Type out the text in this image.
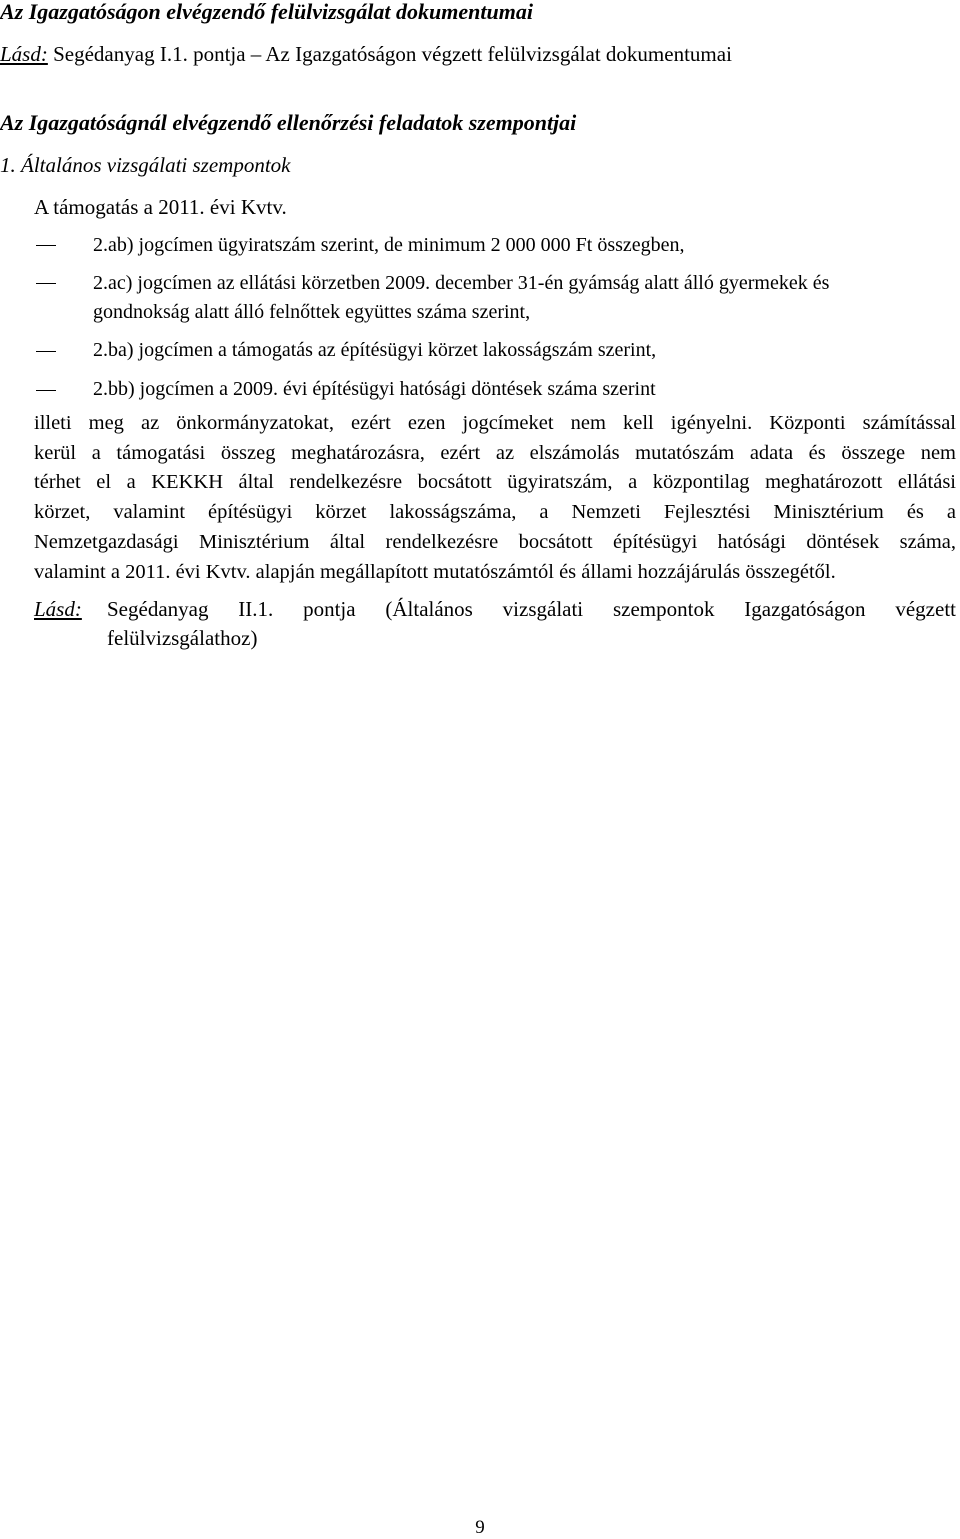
Az Igazgatóságon elvégzendő felülvizsgálat dokumentumai
Lásd: Segédanyag I.1. pontja – Az Igazgatóságon végzett felülvizsgálat dokumentumai
Az Igazgatóságnál elvégzendő ellenőrzési feladatok szempontjai
1. Általános vizsgálati szempontok
A támogatás a 2011. évi Kvtv.
2.ab) jogcímen ügyiratszám szerint, de minimum 2 000 000 Ft összegben,
2.ac) jogcímen az ellátási körzetben 2009. december 31-én gyámság alatt álló gyermekek és
gondnokság alatt álló felnőttek együttes száma szerint,
2.ba) jogcímen a támogatás az építésügyi körzet lakosságszám szerint,
2.bb) jogcímen a 2009. évi építésügyi hatósági döntések száma szerint
illeti meg az önkormányzatokat, ezért ezen jogcímeket nem kell igényelni. Központi számítással
kerül a támogatási összeg meghatározásra, ezért az elszámolás mutatószám adata és összege nem
térhet el a KEKKH által rendelkezésre bocsátott ügyiratszám, a központilag meghatározott ellátási
körzet, valamint építésügyi körzet lakosságszáma, a Nemzeti Fejlesztési Minisztérium és a
Nemzetgazdasági Minisztérium által rendelkezésre bocsátott építésügyi hatósági döntések száma,
valamint a 2011. évi Kvtv. alapján megállapított mutatószámtól és állami hozzájárulás összegétől.
Lásd: Segédanyag II.1. pontja (Általános vizsgálati szempontok Igazgatóságon végzett
felülvizsgálathoz)
9
